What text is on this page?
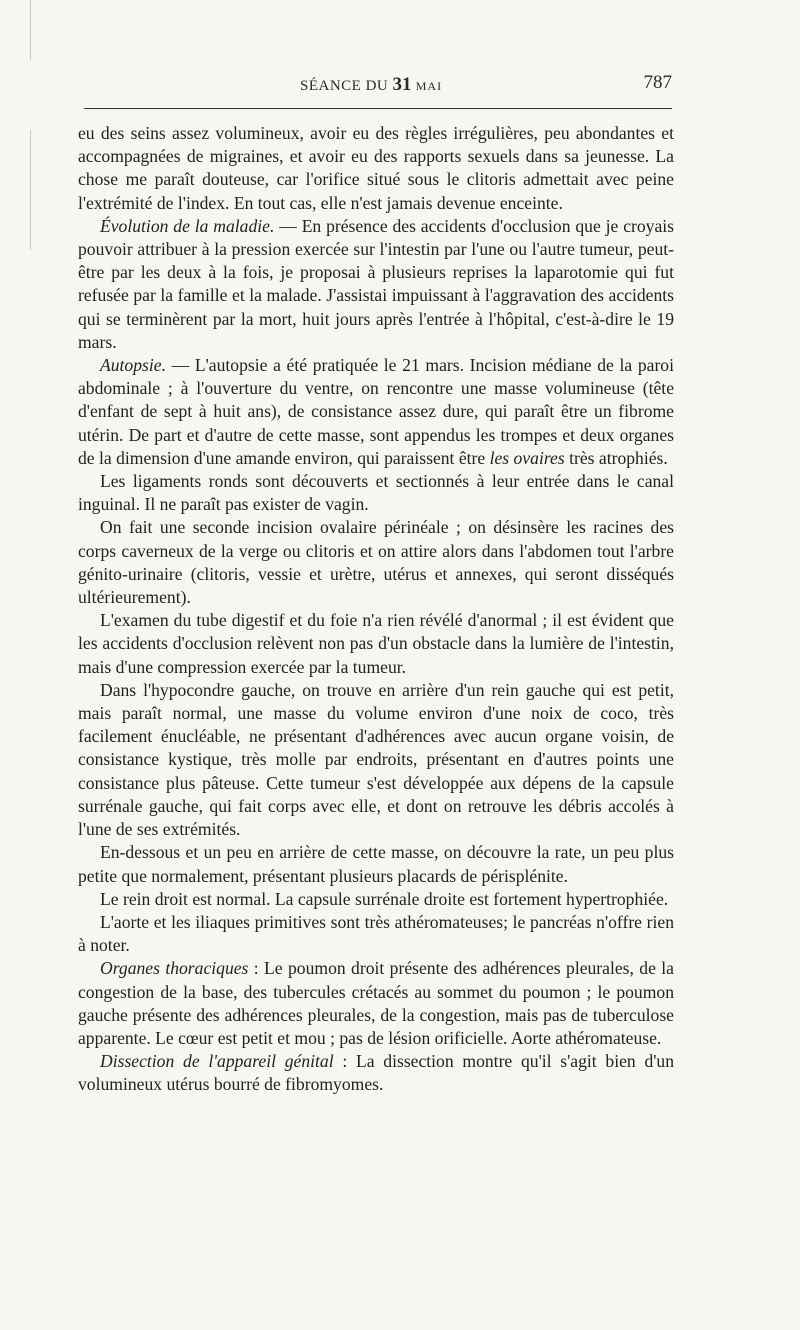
SÉANCE DU 31 MAI	787

eu des seins assez volumineux, avoir eu des règles irrégulières, peu abondantes et accompagnées de migraines, et avoir eu des rapports sexuels dans sa jeunesse. La chose me paraît douteuse, car l'orifice situé sous le clitoris admettait avec peine l'extrémité de l'index. En tout cas, elle n'est jamais devenue enceinte.

Évolution de la maladie. — En présence des accidents d'occlusion que je croyais pouvoir attribuer à la pression exercée sur l'intestin par l'une ou l'autre tumeur, peut-être par les deux à la fois, je proposai à plusieurs reprises la laparotomie qui fut refusée par la famille et la malade. J'assistai impuissant à l'aggravation des accidents qui se terminèrent par la mort, huit jours après l'entrée à l'hôpital, c'est-à-dire le 19 mars.

Autopsie. — L'autopsie a été pratiquée le 21 mars. Incision médiane de la paroi abdominale ; à l'ouverture du ventre, on rencontre une masse volumineuse (tête d'enfant de sept à huit ans), de consistance assez dure, qui paraît être un fibrome utérin. De part et d'autre de cette masse, sont appendus les trompes et deux organes de la dimension d'une amande environ, qui paraissent être les ovaires très atrophiés.

Les ligaments ronds sont découverts et sectionnés à leur entrée dans le canal inguinal. Il ne paraît pas exister de vagin.

On fait une seconde incision ovalaire périnéale ; on désinsère les racines des corps caverneux de la verge ou clitoris et on attire alors dans l'abdomen tout l'arbre génito-urinaire (clitoris, vessie et urètre, utérus et annexes, qui seront disséqués ultérieurement).

L'examen du tube digestif et du foie n'a rien révélé d'anormal ; il est évident que les accidents d'occlusion relèvent non pas d'un obstacle dans la lumière de l'intestin, mais d'une compression exercée par la tumeur.

Dans l'hypocondre gauche, on trouve en arrière d'un rein gauche qui est petit, mais paraît normal, une masse du volume environ d'une noix de coco, très facilement énucléable, ne présentant d'adhérences avec aucun organe voisin, de consistance kystique, très molle par endroits, présentant en d'autres points une consistance plus pâteuse. Cette tumeur s'est développée aux dépens de la capsule surrénale gauche, qui fait corps avec elle, et dont on retrouve les débris accolés à l'une de ses extrémités.

En-dessous et un peu en arrière de cette masse, on découvre la rate, un peu plus petite que normalement, présentant plusieurs placards de périsplénite.

Le rein droit est normal. La capsule surrénale droite est fortement hypertrophiée.

L'aorte et les iliaques primitives sont très athéromateuses; le pancréas n'offre rien à noter.

Organes thoraciques : Le poumon droit présente des adhérences pleurales, de la congestion de la base, des tubercules crétacés au sommet du poumon ; le poumon gauche présente des adhérences pleurales, de la congestion, mais pas de tuberculose apparente. Le cœur est petit et mou ; pas de lésion orificielle. Aorte athéromateuse.

Dissection de l'appareil génital : La dissection montre qu'il s'agit bien d'un volumineux utérus bourré de fibromyomes.
